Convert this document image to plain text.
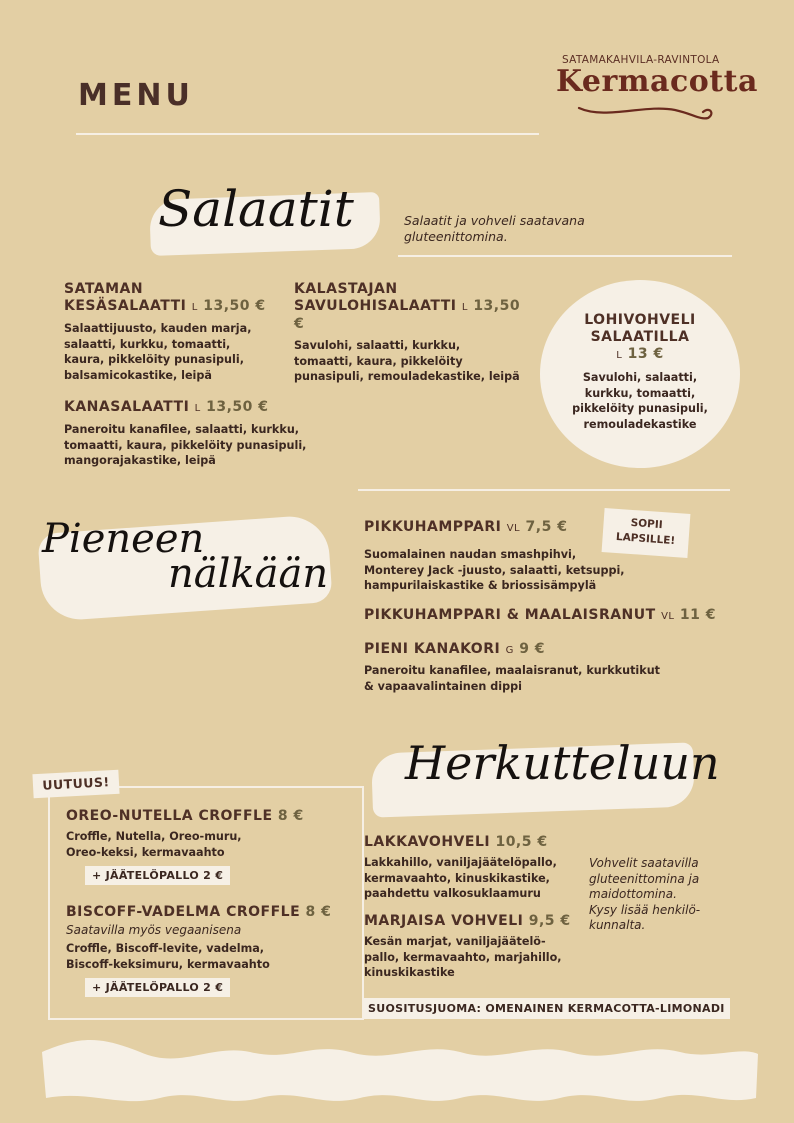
MENU
SATAMAKAHVILA-RAVINTOLA
Kermacotta
Salaatit	Salaatit ja vohveli saatavana gluteenittomina.
SATAMAN
KESÄSALAATTI L 13,50 €
Salaattijuusto, kauden marja,
salaatti, kurkku, tomaatti,
kaura, pikkelöity punasipuli,
balsamicokastike, leipä
KALASTAJAN
SAVULOHISALAATTI L 13,50 €
Savulohi, salaatti, kurkku,
tomaatti, kaura, pikkelöity
punasipuli, remouladekastike, leipä
KANASALAATTI L 13,50 €
Paneroitu kanafilee, salaatti, kurkku,
tomaatti, kaura, pikkelöity punasipuli,
mangorajakastike, leipä
LOHIVOHVELI
SALAATILLA
L 13 €
Savulohi, salaatti,
kurkku, tomaatti,
pikkelöity punasipuli,
remouladekastike
Pieneen
nälkään
SOPII
LAPSILLE!
PIKKUHAMPPARI VL 7,5 €
Suomalainen naudan smashpihvi,
Monterey Jack -juusto, salaatti, ketsuppi,
hampurilaiskastike & briossisämpylä
PIKKUHAMPPARI & MAALAISRANUT VL 11 €
PIENI KANAKORI G 9 €
Paneroitu kanafilee, maalaisranut, kurkkutikut
& vapaavalintainen dippi
Herkutteluun
UUTUUS!
OREO-NUTELLA CROFFLE 8 €
Croffle, Nutella, Oreo-muru,
Oreo-keksi, kermavaahto
+ JÄÄTELÖPALLO 2 €
BISCOFF-VADELMA CROFFLE 8 €
Saatavilla myös vegaanisena
Croffle, Biscoff-levite, vadelma,
Biscoff-keksimuru, kermavaahto
+ JÄÄTELÖPALLO 2 €
LAKKAVOHVELI 10,5 €
Lakkahillo, vaniljajäätelöpallo,
kermavaahto, kinuskikastike,
paahdettu valkosuklaamuru
MARJAISA VOHVELI 9,5 €
Kesän marjat, vaniljajäätelö-
pallo, kermavaahto, marjahillo,
kinuskikastike
Vohvelit saatavilla
gluteenittomina ja
maidottomina.
Kysy lisää henkilö-
kunnalta.
SUOSITUSJUOMA: OMENAINEN KERMACOTTA-LIMONADI
